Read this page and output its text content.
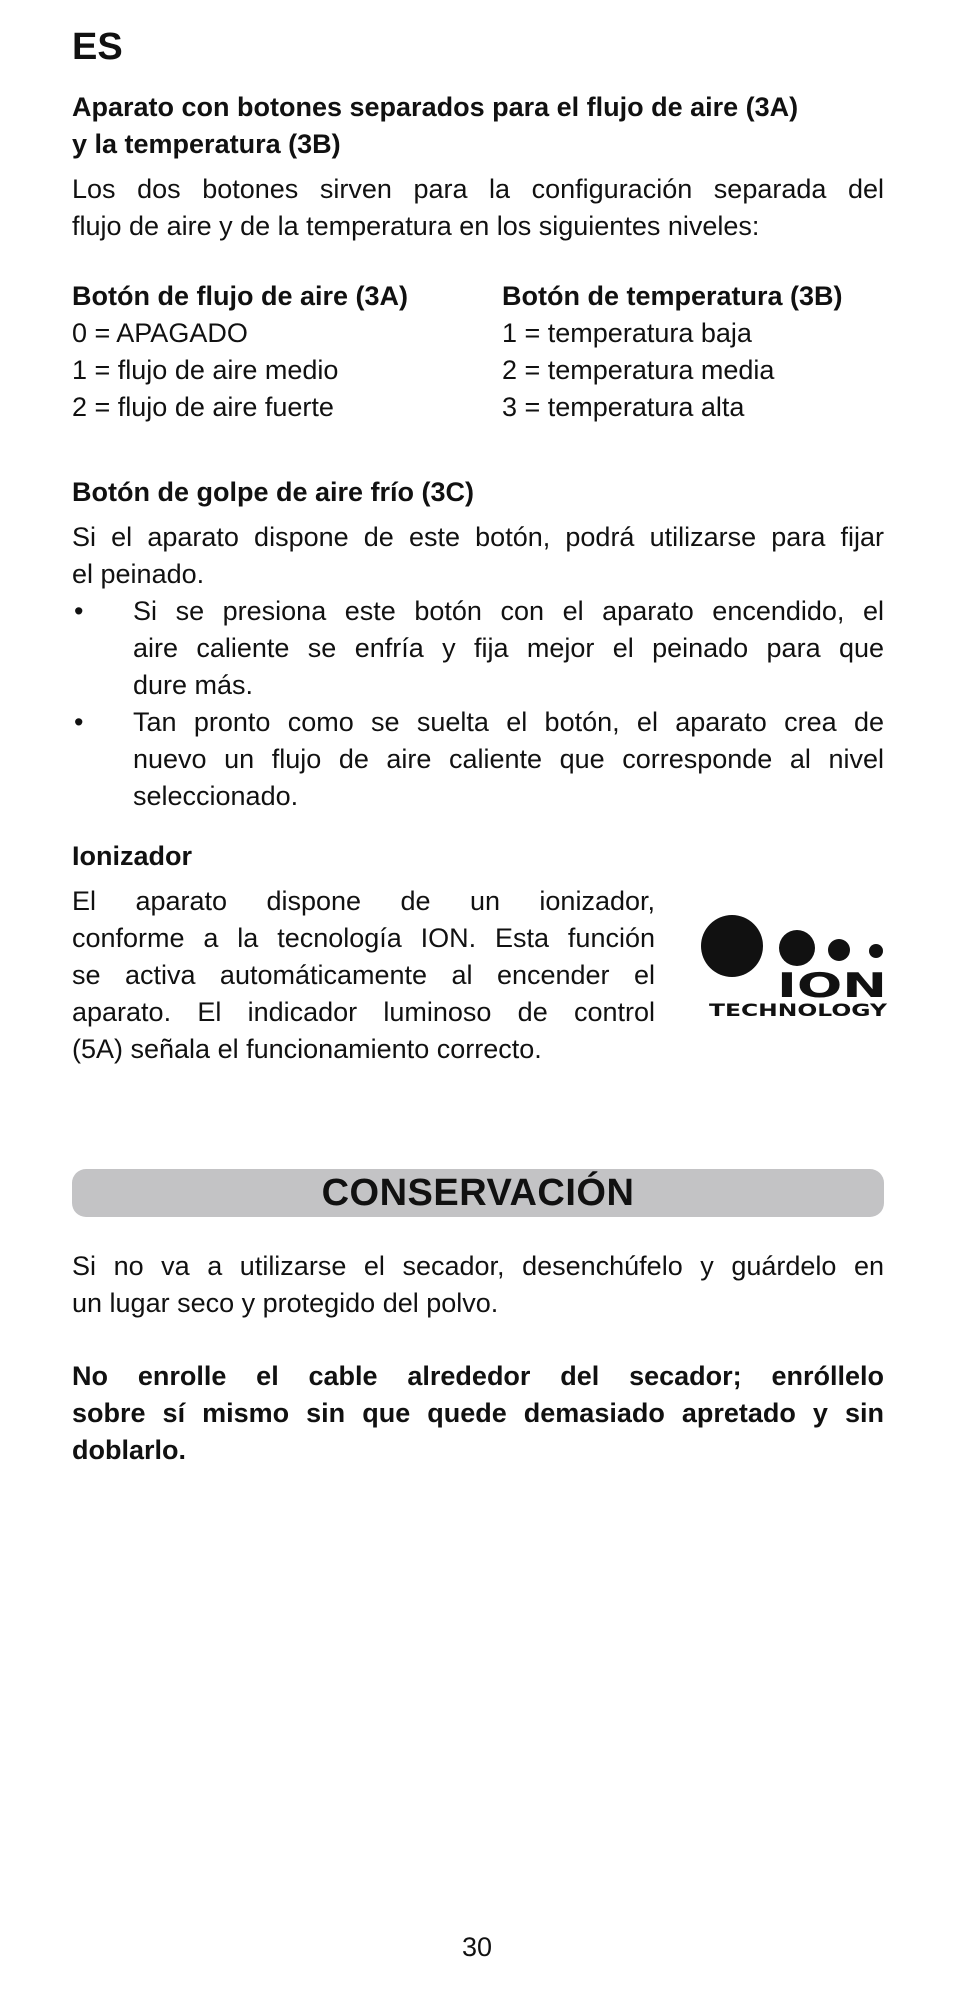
ES
Aparato con botones separados para el flujo de aire (3A)
y la temperatura (3B)
Los dos botones sirven para la configuración separada del
flujo de aire y de la temperatura en los siguientes niveles:
Botón de flujo de aire (3A)
0 = APAGADO
1 = flujo de aire medio
2 = flujo de aire fuerte
Botón de temperatura (3B)
1 = temperatura baja
2 = temperatura media
3 = temperatura alta
Botón de golpe de aire frío (3C)
Si el aparato dispone de este botón, podrá utilizarse para fijar
el peinado.
• Si se presiona este botón con el aparato encendido, el
aire caliente se enfría y fija mejor el peinado para que
dure más.
• Tan pronto como se suelta el botón, el aparato crea de
nuevo un flujo de aire caliente que corresponde al nivel
seleccionado.
Ionizador
El aparato dispone de un ionizador,
conforme a la tecnología ION. Esta función
se activa automáticamente al encender el
aparato. El indicador luminoso de control
(5A) señala el funcionamiento correcto.
ION
TECHNOLOGY
CONSERVACIÓN
Si no va a utilizarse el secador, desenchúfelo y guárdelo en
un lugar seco y protegido del polvo.
No enrolle el cable alrededor del secador; enróllelo
sobre sí mismo sin que quede demasiado apretado y sin
doblarlo.
30
